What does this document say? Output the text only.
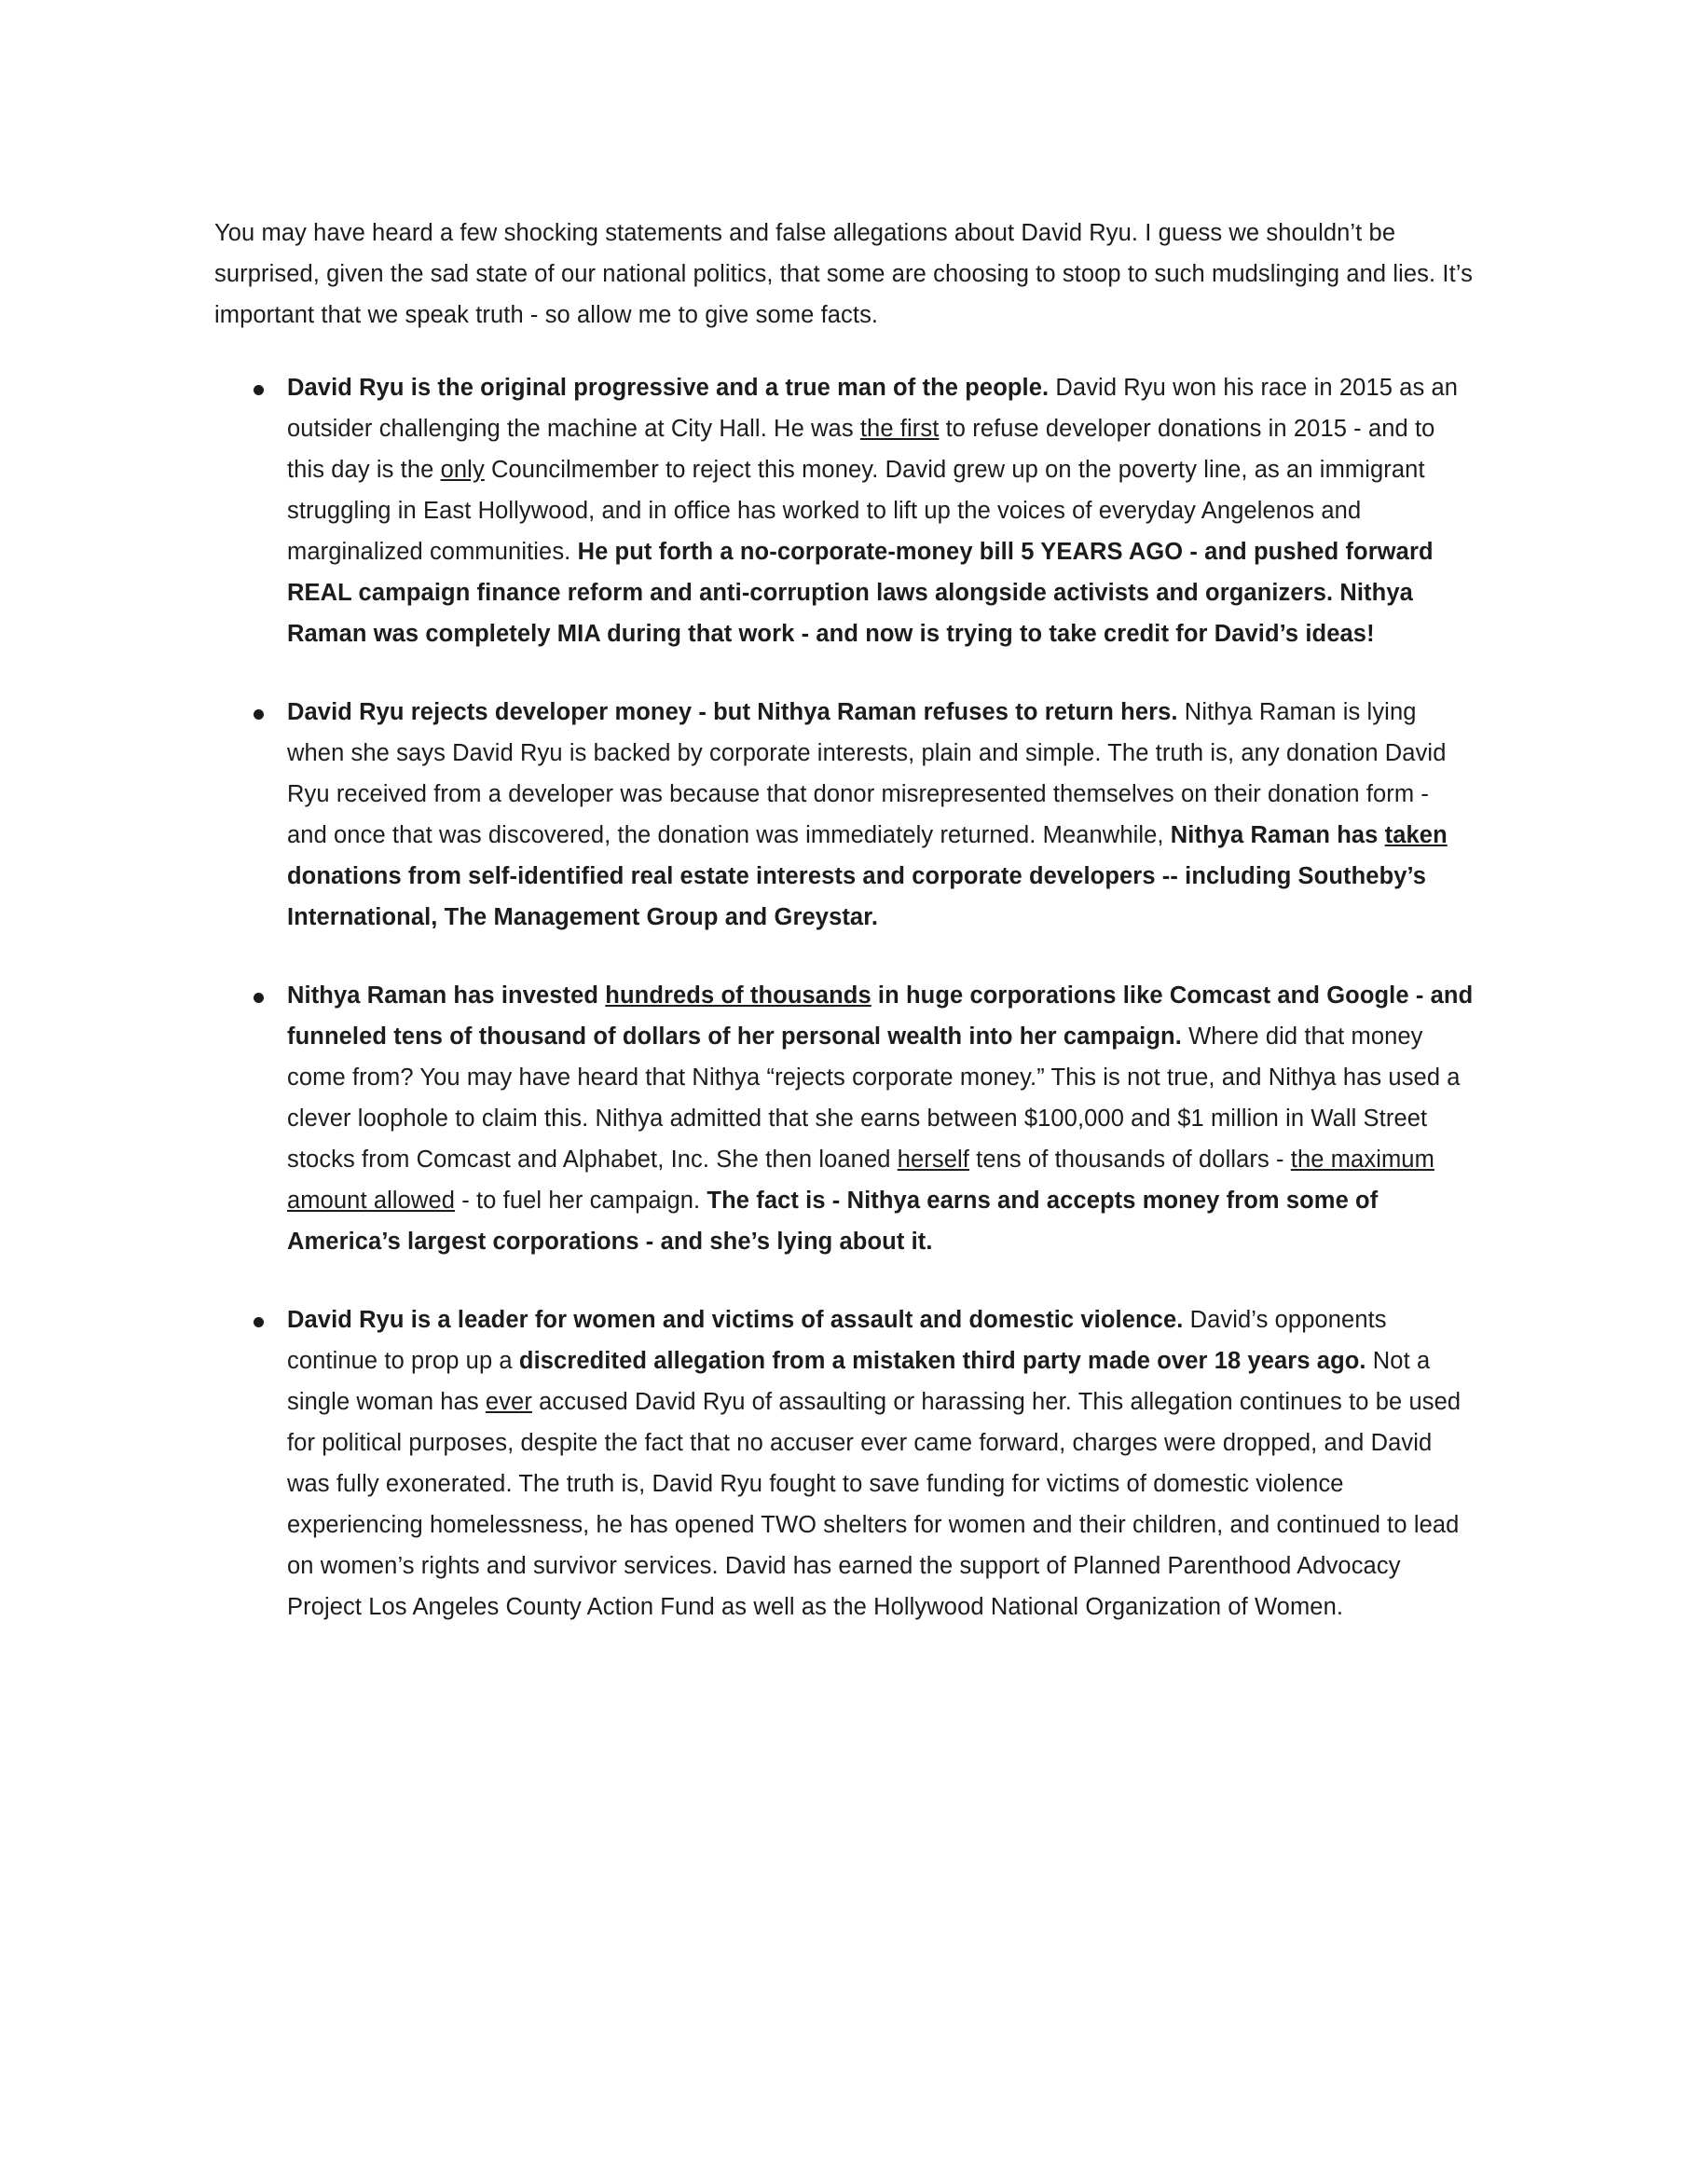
You may have heard a few shocking statements and false allegations about David Ryu. I guess we shouldn’t be surprised, given the sad state of our national politics, that some are choosing to stoop to such mudslinging and lies. It’s important that we speak truth - so allow me to give some facts.

David Ryu is the original progressive and a true man of the people. David Ryu won his race in 2015 as an outsider challenging the machine at City Hall. He was the first to refuse developer donations in 2015 - and to this day is the only Councilmember to reject this money. David grew up on the poverty line, as an immigrant struggling in East Hollywood, and in office has worked to lift up the voices of everyday Angelenos and marginalized communities. He put forth a no-corporate-money bill 5 YEARS AGO - and pushed forward REAL campaign finance reform and anti-corruption laws alongside activists and organizers. Nithya Raman was completely MIA during that work - and now is trying to take credit for David’s ideas!
David Ryu rejects developer money - but Nithya Raman refuses to return hers. Nithya Raman is lying when she says David Ryu is backed by corporate interests, plain and simple. The truth is, any donation David Ryu received from a developer was because that donor misrepresented themselves on their donation form - and once that was discovered, the donation was immediately returned. Meanwhile, Nithya Raman has taken donations from self-identified real estate interests and corporate developers -- including Southeby’s International, The Management Group and Greystar.
Nithya Raman has invested hundreds of thousands in huge corporations like Comcast and Google - and funneled tens of thousand of dollars of her personal wealth into her campaign. Where did that money come from? You may have heard that Nithya “rejects corporate money.” This is not true, and Nithya has used a clever loophole to claim this. Nithya admitted that she earns between $100,000 and $1 million in Wall Street stocks from Comcast and Alphabet, Inc. She then loaned herself tens of thousands of dollars - the maximum amount allowed - to fuel her campaign. The fact is - Nithya earns and accepts money from some of America’s largest corporations - and she’s lying about it.
David Ryu is a leader for women and victims of assault and domestic violence. David’s opponents continue to prop up a discredited allegation from a mistaken third party made over 18 years ago. Not a single woman has ever accused David Ryu of assaulting or harassing her. This allegation continues to be used for political purposes, despite the fact that no accuser ever came forward, charges were dropped, and David was fully exonerated. The truth is, David Ryu fought to save funding for victims of domestic violence experiencing homelessness, he has opened TWO shelters for women and their children, and continued to lead on women’s rights and survivor services. David has earned the support of Planned Parenthood Advocacy Project Los Angeles County Action Fund as well as the Hollywood National Organization of Women.
